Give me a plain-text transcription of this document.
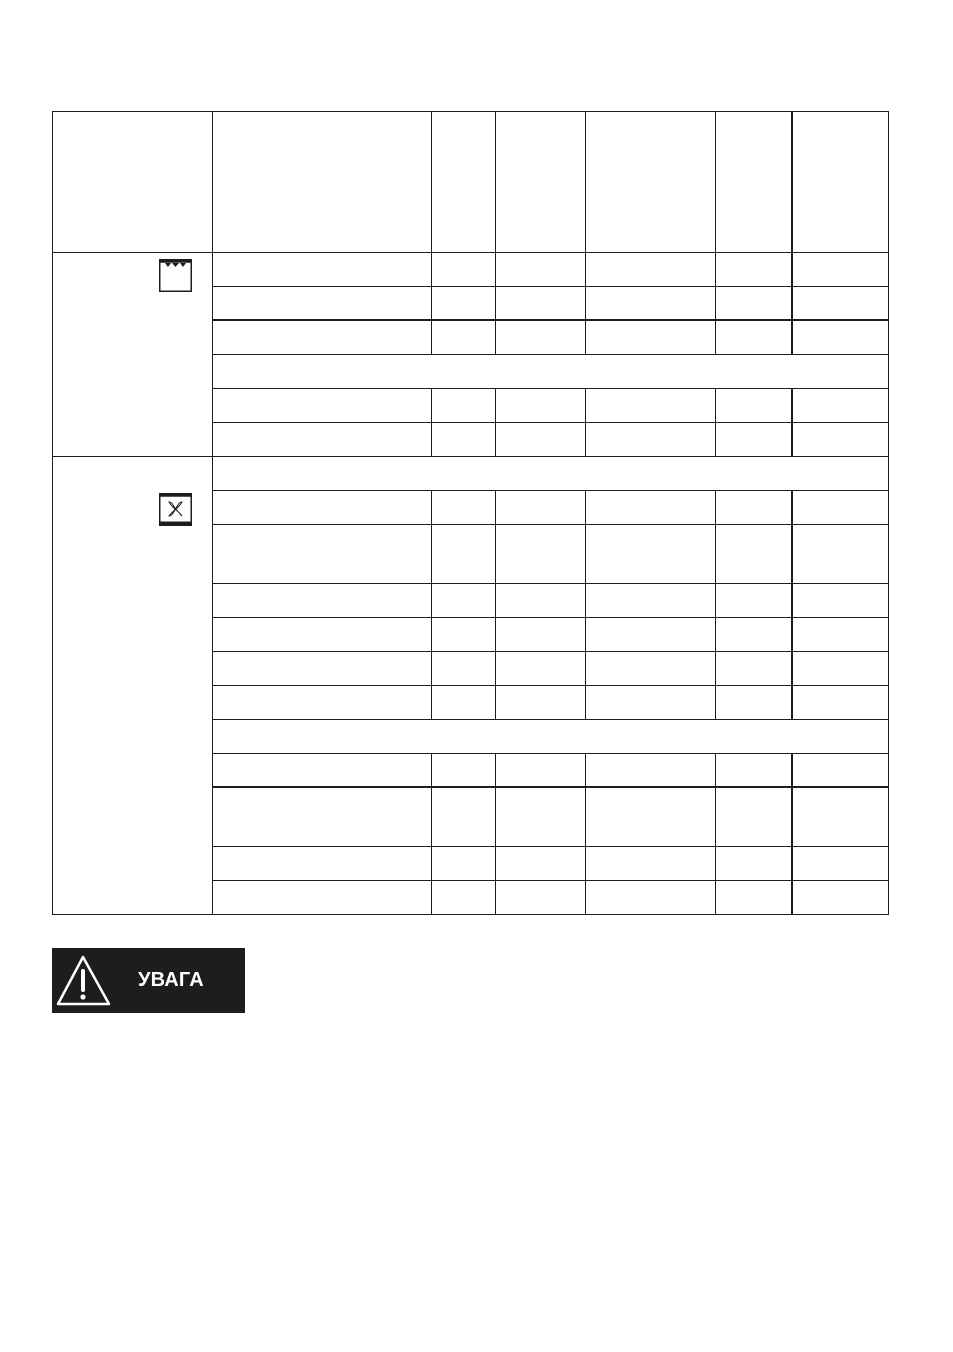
УВАГА
